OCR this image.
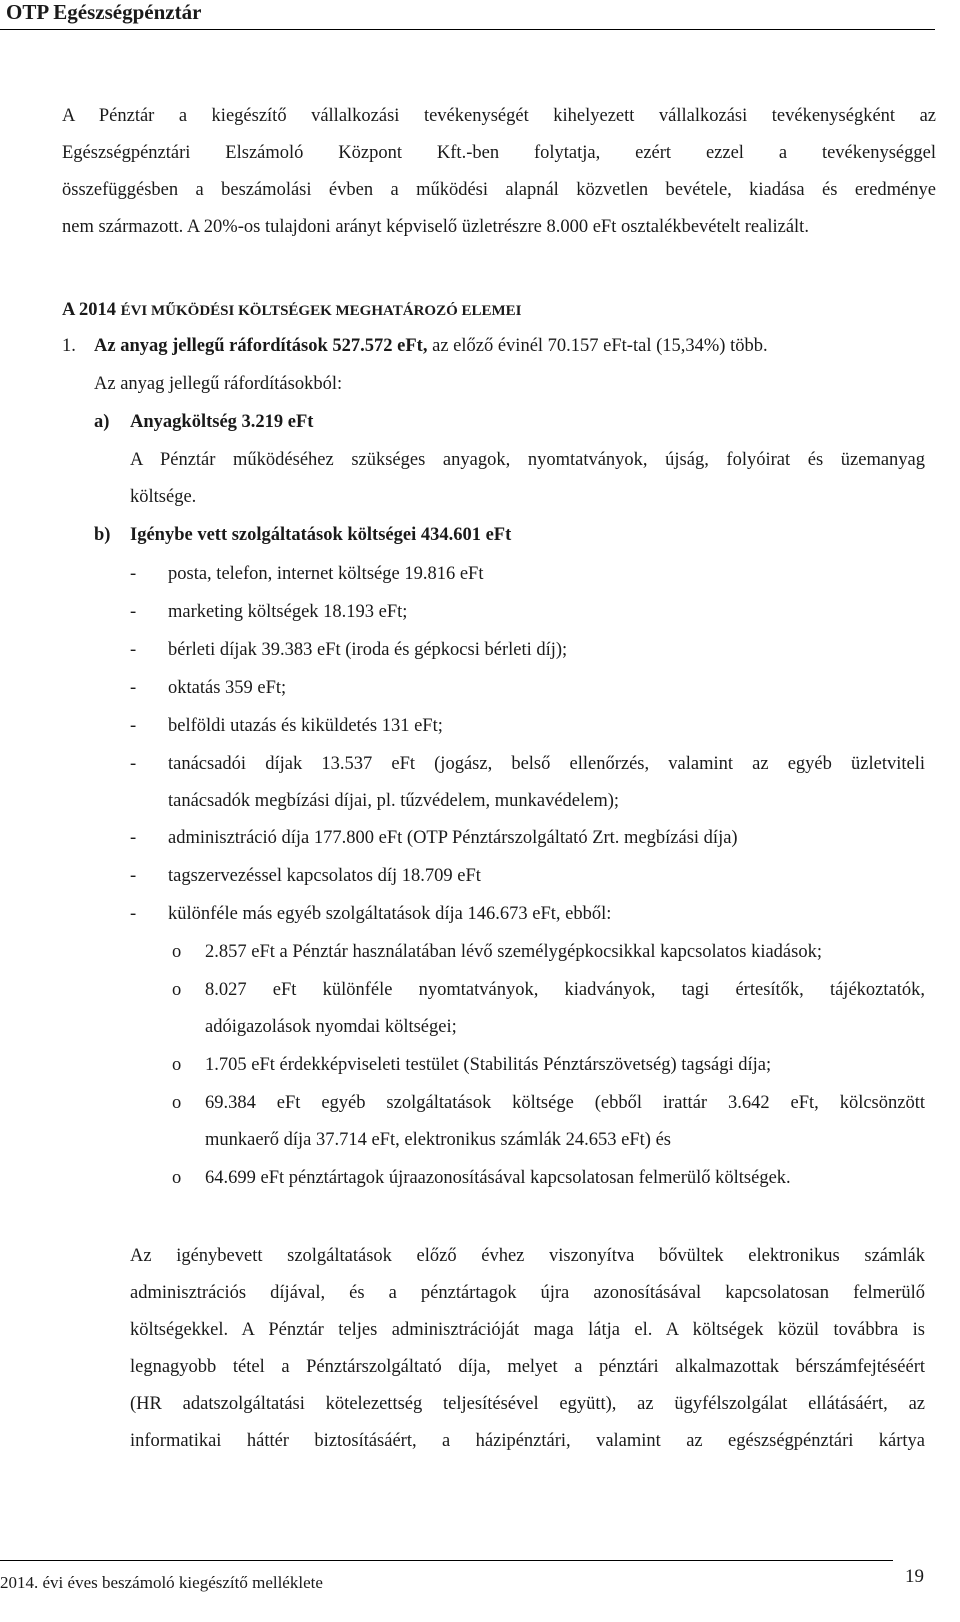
OTP Egészségpénztár
A Pénztár a kiegészítő vállalkozási tevékenységét kihelyezett vállalkozási tevékenységként az
Egészségpénztári Elszámoló Központ Kft.-ben folytatja, ezért ezzel a tevékenységgel
összefüggésben a beszámolási évben a működési alapnál közvetlen bevétele, kiadása és eredménye
nem származott. A 20%-os tulajdoni arányt képviselő üzletrészre 8.000 eFt osztalékbevételt realizált.
A 2014 ÉVI MŰKÖDÉSI KÖLTSÉGEK MEGHATÁROZÓ ELEMEI
1. Az anyag jellegű ráfordítások 527.572 eFt, az előző évinél 70.157 eFt-tal (15,34%) több.
Az anyag jellegű ráfordításokból:
a) Anyagköltség 3.219 eFt
A Pénztár működéséhez szükséges anyagok, nyomtatványok, újság, folyóirat és üzemanyag
költsége.
b) Igénybe vett szolgáltatások költségei 434.601 eFt
- posta, telefon, internet költsége 19.816 eFt
- marketing költségek 18.193 eFt;
- bérleti díjak 39.383 eFt (iroda és gépkocsi bérleti díj);
- oktatás 359 eFt;
- belföldi utazás és kiküldetés 131 eFt;
- tanácsadói díjak 13.537 eFt (jogász, belső ellenőrzés, valamint az egyéb üzletviteli
tanácsadók megbízási díjai, pl. tűzvédelem, munkavédelem);
- adminisztráció díja 177.800 eFt (OTP Pénztárszolgáltató Zrt. megbízási díja)
- tagszervezéssel kapcsolatos díj 18.709 eFt
- különféle más egyéb szolgáltatások díja 146.673 eFt, ebből:
o 2.857 eFt a Pénztár használatában lévő személygépkocsikkal kapcsolatos kiadások;
o 8.027 eFt különféle nyomtatványok, kiadványok, tagi értesítők, tájékoztatók,
adóigazolások nyomdai költségei;
o 1.705 eFt érdekképviseleti testület (Stabilitás Pénztárszövetség) tagsági díja;
o 69.384 eFt egyéb szolgáltatások költsége (ebből irattár 3.642 eFt, kölcsönzött
munkaerő díja 37.714 eFt, elektronikus számlák 24.653 eFt) és
o 64.699 eFt pénztártagok újraazonosításával kapcsolatosan felmerülő költségek.
Az igénybevett szolgáltatások előző évhez viszonyítva bővültek elektronikus számlák
adminisztrációs díjával, és a pénztártagok újra azonosításával kapcsolatosan felmerülő
költségekkel. A Pénztár teljes adminisztrációját maga látja el. A költségek közül továbbra is
legnagyobb tétel a Pénztárszolgáltató díja, melyet a pénztári alkalmazottak bérszámfejtéséért
(HR adatszolgáltatási kötelezettség teljesítésével együtt), az ügyfélszolgálat ellátásáért, az
informatikai háttér biztosításáért, a házipénztári, valamint az egészségpénztári kártya
2014. évi éves beszámoló kiegészítő melléklete	19
